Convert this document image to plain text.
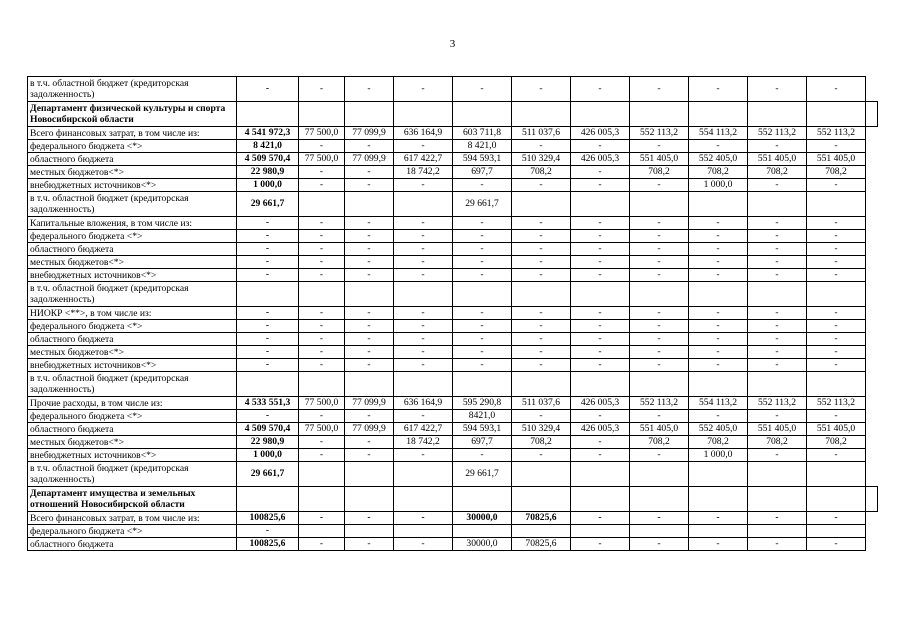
3
в т.ч. областной бюджет (кредиторская задолженность)	-	-	-	-	-	-	-	-	-	-	-	
Департамент физической культуры и спорта Новосибирской области												
Всего финансовых затрат, в том числе из:	4 541 972,3	77 500,0	77 099,9	636 164,9	603 711,8	511 037,6	426 005,3	552 113,2	554 113,2	552 113,2	552 113,2	
федерального бюджета <*>	8 421,0	-	-	-	8 421,0	-	-	-	-	-	-	
областного бюджета	4 509 570,4	77 500,0	77 099,9	617 422,7	594 593,1	510 329,4	426 005,3	551 405,0	552 405,0	551 405,0	551 405,0	
местных бюджетов<*>	22 980,9	-	-	18 742,2	697,7	708,2	-	708,2	708,2	708,2	708,2	
внебюджетных источников<*>	1 000,0	-	-	-	-	-	-	-	1 000,0	-	-	
в т.ч. областной бюджет (кредиторская задолженность)	29 661,7				29 661,7							
Капитальные вложения, в том числе из:	-	-	-	-	-	-	-	-	-	-	-	
федерального бюджета <*>	-	-	-	-	-	-	-	-	-	-	-	
областного бюджета	-	-	-	-	-	-	-	-	-	-	-	
местных бюджетов<*>	-	-	-	-	-	-	-	-	-	-	-	
внебюджетных источников<*>	-	-	-	-	-	-	-	-	-	-	-	
в т.ч. областной бюджет (кредиторская задолженность)												
НИОКР <**>, в том числе из:	-	-	-	-	-	-	-	-	-	-	-	
федерального бюджета <*>	-	-	-	-	-	-	-	-	-	-	-	
областного бюджета	-	-	-	-	-	-	-	-	-	-	-	
местных бюджетов<*>	-	-	-	-	-	-	-	-	-	-	-	
внебюджетных источников<*>	-	-	-	-	-	-	-	-	-	-	-	
в т.ч. областной бюджет (кредиторская задолженность)												
Прочие расходы, в том числе из:	4 533 551,3	77 500,0	77 099,9	636 164,9	595 290,8	511 037,6	426 005,3	552 113,2	554 113,2	552 113,2	552 113,2	
федерального бюджета <*>	-	-	-	-	8421,0	-	-	-	-	-	-	
областного бюджета	4 509 570,4	77 500,0	77 099,9	617 422,7	594 593,1	510 329,4	426 005,3	551 405,0	552 405,0	551 405,0	551 405,0	
местных бюджетов<*>	22 980,9	-	-	18 742,2	697,7	708,2	-	708,2	708,2	708,2	708,2	
внебюджетных источников<*>	1 000,0	-	-	-	-	-	-	-	1 000,0	-	-	
в т.ч. областной бюджет (кредиторская задолженность)	29 661,7				29 661,7							
Департамент имущества и земельных отношений Новосибирской области												
Всего финансовых затрат, в том числе из:	100825,6	-	-	-	30000,0	70825,6	-	-	-	-	-	
федерального бюджета <*>	-											
областного бюджета	100825,6	-	-	-	30000,0	70825,6	-	-	-	-	-	
